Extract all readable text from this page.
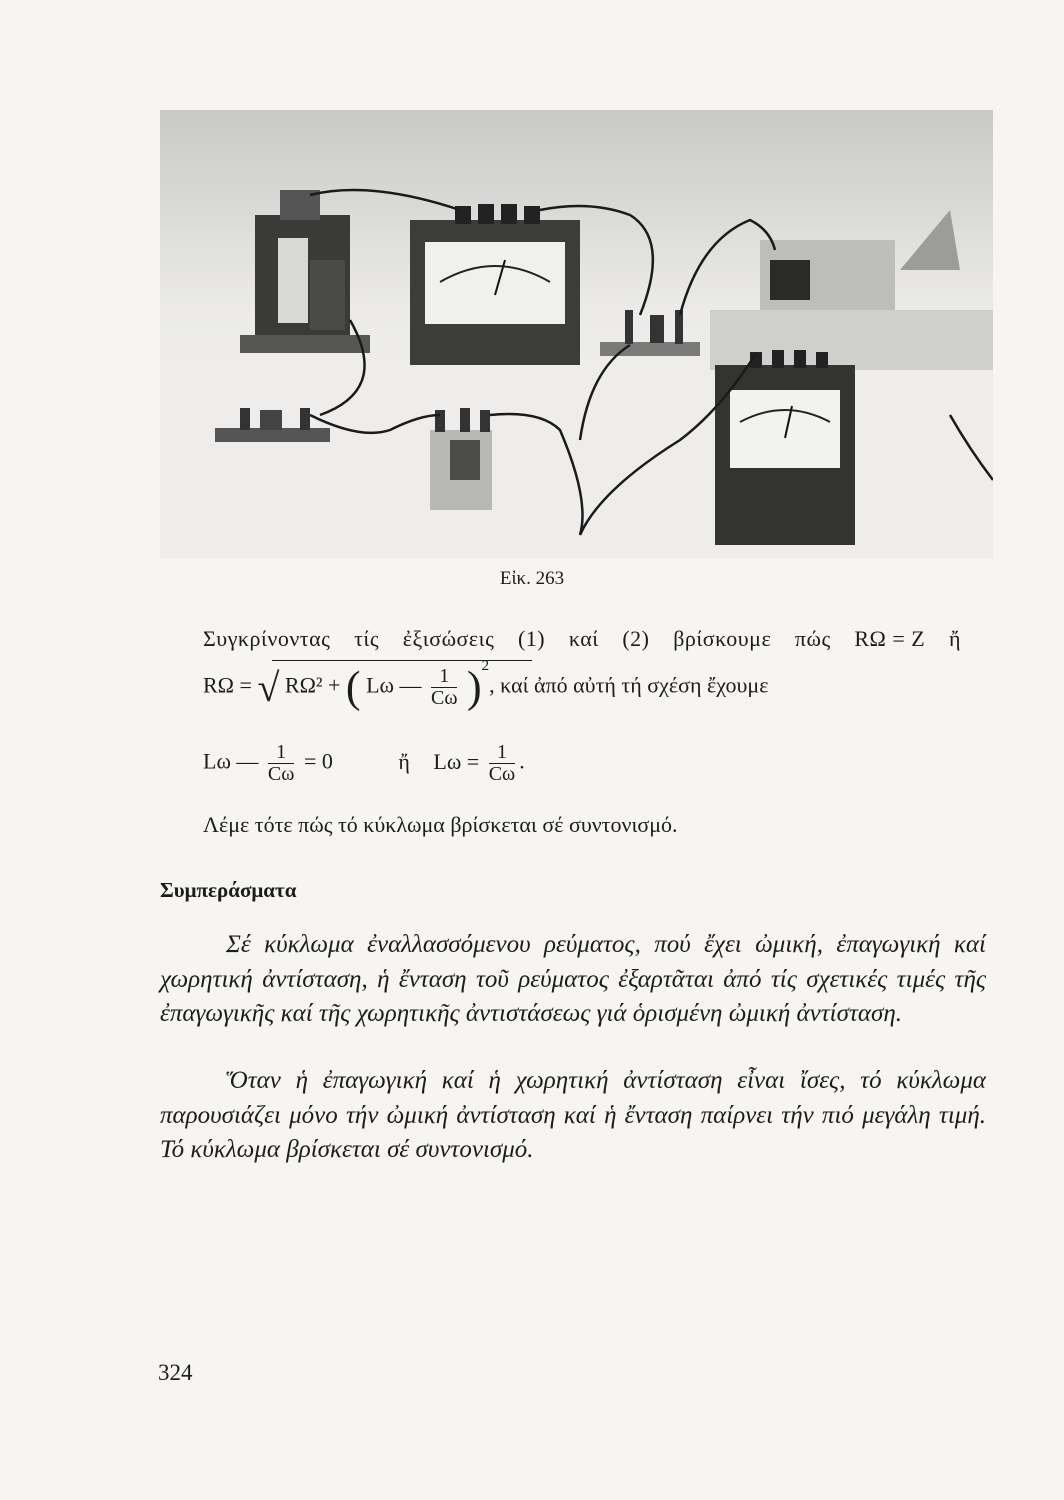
Εἰκ. 263
Συγκρίνοντας τίς ἐξισώσεις (1) καί (2) βρίσκουμε πώς RΩ = Z ἤ
RΩ = √ RΩ² + ( Lω — $\frac{1}{C\omega} )^2$, καί ἀπό αὐτή τή σχέση ἔχουμε
Lω — $\frac{1}{C\omega} = 0$	ἤ $L\omega = \frac{1}{C\omega}$ .
Λέμε τότε πώς τό κύκλωμα βρίσκεται σέ συντονισμό.
Συμπεράσματα
Σέ κύκλωμα ἐναλλασσόμενου ρεύματος, πού ἔχει ὠμική, ἐπαγωγική καί χωρητική ἀντίσταση, ἡ ἔνταση τοῦ ρεύματος ἐξαρτᾶται ἀπό τίς σχετικές τιμές τῆς ἐπαγωγικῆς καί τῆς χωρητικῆς ἀντιστάσεως γιά ὁρισμένη ὠμική ἀντίσταση.
Ὅταν ἡ ἐπαγωγική καί ἡ χωρητική ἀντίσταση εἶναι ἴσες, τό κύκλωμα παρουσιάζει μόνο τήν ὠμική ἀντίσταση καί ἡ ἔνταση παίρνει τήν πιό μεγάλη τιμή. Τό κύκλωμα βρίσκεται σέ συντονισμό.
324
